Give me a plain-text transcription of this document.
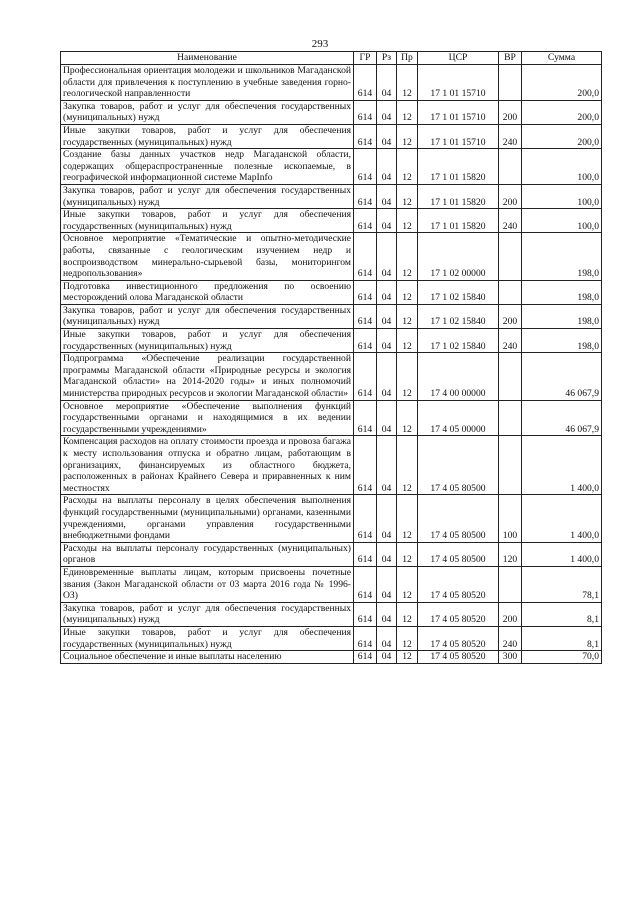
293
Наименование	ГР	Рз	Пр	ЦСР	ВР	Сумма
Профессиональная ориентация молодежи и школьников Магаданской области для привлечения к поступлению в учебные заведения горно-геологической направленности	614	04	12	17 1 01 15710		200,0
Закупка товаров, работ и услуг для обеспечения государственных (муниципальных) нужд	614	04	12	17 1 01 15710	200	200,0
Иные закупки товаров, работ и услуг для обеспечения государственных (муниципальных) нужд	614	04	12	17 1 01 15710	240	200,0
Создание базы данных участков недр Магаданской области, содержащих общераспространенные полезные ископаемые, в географической информационной системе MapInfo	614	04	12	17 1 01 15820		100,0
Закупка товаров, работ и услуг для обеспечения государственных (муниципальных) нужд	614	04	12	17 1 01 15820	200	100,0
Иные закупки товаров, работ и услуг для обеспечения государственных (муниципальных) нужд	614	04	12	17 1 01 15820	240	100,0
Основное мероприятие «Тематические и опытно-методические работы, связанные с геологическим изучением недр и воспроизводством минерально-сырьевой базы, мониторингом недропользования»	614	04	12	17 1 02 00000		198,0
Подготовка инвестиционного предложения по освоению месторождений олова Магаданской области	614	04	12	17 1 02 15840		198,0
Закупка товаров, работ и услуг для обеспечения государственных (муниципальных) нужд	614	04	12	17 1 02 15840	200	198,0
Иные закупки товаров, работ и услуг для обеспечения государственных (муниципальных) нужд	614	04	12	17 1 02 15840	240	198,0
Подпрограмма «Обеспечение реализации государственной программы Магаданской области «Природные ресурсы и экология Магаданской области» на 2014-2020 годы» и иных полномочий министерства природных ресурсов и экологии Магаданской области»	614	04	12	17 4 00 00000		46 067,9
Основное мероприятие «Обеспечение выполнения функций государственными органами и находящимися в их ведении государственными учреждениями»	614	04	12	17 4 05 00000		46 067,9
Компенсация расходов на оплату стоимости проезда и провоза багажа к месту использования отпуска и обратно лицам, работающим в организациях, финансируемых из областного бюджета, расположенных в районах Крайнего Севера и приравненных к ним местностях	614	04	12	17 4 05 80500		1 400,0
Расходы на выплаты персоналу в целях обеспечения выполнения функций государственными (муниципальными) органами, казенными учреждениями, органами управления государственными внебюджетными фондами	614	04	12	17 4 05 80500	100	1 400,0
Расходы на выплаты персоналу государственных (муниципальных) органов	614	04	12	17 4 05 80500	120	1 400,0
Единовременные выплаты лицам, которым присвоены почетные звания (Закон Магаданской области от 03 марта 2016 года № 1996-ОЗ)	614	04	12	17 4 05 80520		78,1
Закупка товаров, работ и услуг для обеспечения государственных (муниципальных) нужд	614	04	12	17 4 05 80520	200	8,1
Иные закупки товаров, работ и услуг для обеспечения государственных (муниципальных) нужд	614	04	12	17 4 05 80520	240	8,1
Социальное обеспечение и иные выплаты населению	614	04	12	17 4 05 80520	300	70,0
